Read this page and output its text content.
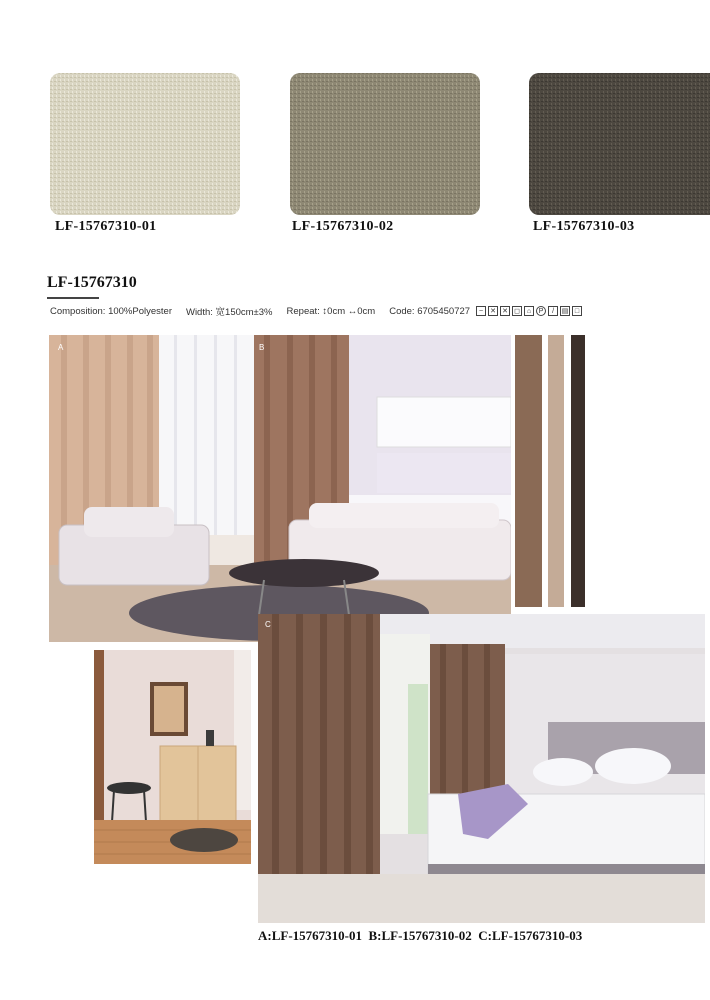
LF-15767310-01	LF-15767310-02	LF-15767310-03
LF-15767310
Composition: 100%Polyester Width: 宽150cm±3% Repeat: ↕0cm ↔0cm Code: 6705450727	~	✕ ✕ ◻ ⌂	P	/	▤ □
A	B
C
A:LF-15767310-01  B:LF-15767310-02  C:LF-15767310-03
